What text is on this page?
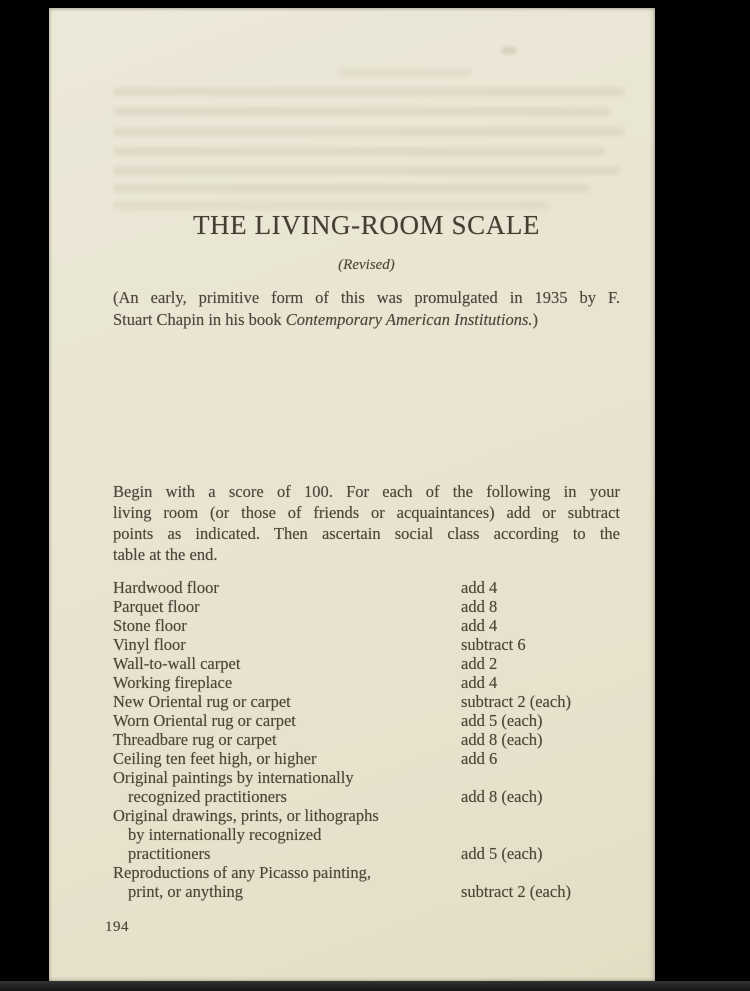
THE LIVING-ROOM SCALE
(Revised)
(An early, primitive form of this was promulgated in 1935 by F.
Stuart Chapin in his book Contemporary American Institutions.)
Begin with a score of 100. For each of the following in your
living room (or those of friends or acquaintances) add or subtract
points as indicated. Then ascertain social class according to the
table at the end.
Hardwood floor	add 4
Parquet floor	add 8
Stone floor	add 4
Vinyl floor	subtract 6
Wall-to-wall carpet	add 2
Working fireplace	add 4
New Oriental rug or carpet	subtract 2 (each)
Worn Oriental rug or carpet	add 5 (each)
Threadbare rug or carpet	add 8 (each)
Ceiling ten feet high, or higher	add 6
Original paintings by internationally
recognized practitioners	add 8 (each)
Original drawings, prints, or lithographs
by internationally recognized
practitioners	add 5 (each)
Reproductions of any Picasso painting,
print, or anything	subtract 2 (each)
194
